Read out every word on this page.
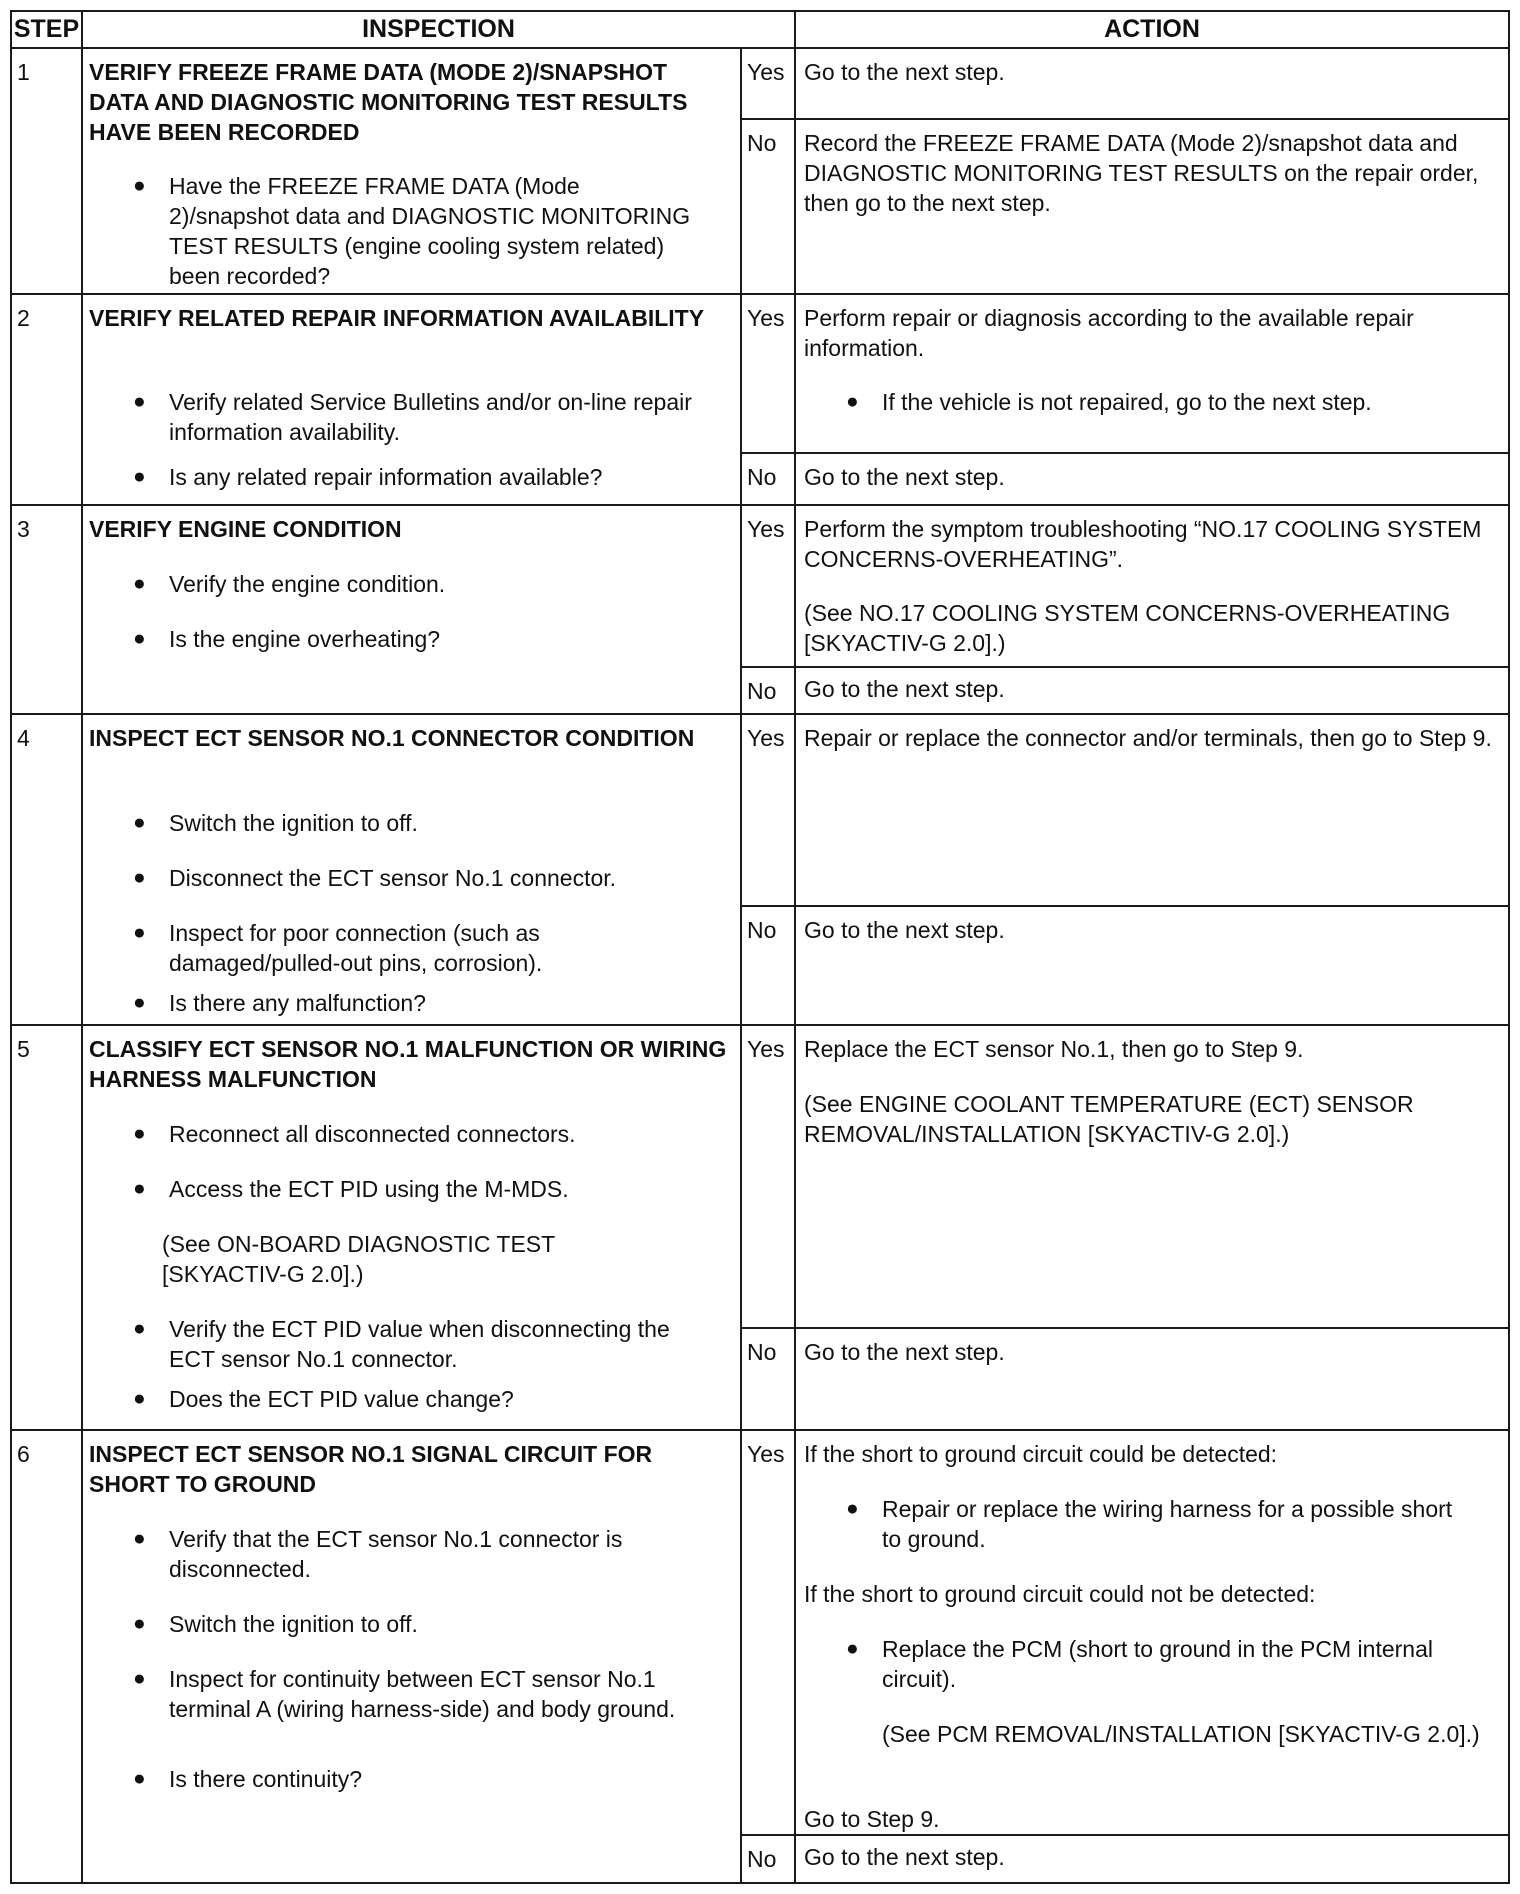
STEP	INSPECTION	ACTION
1	VERIFY FREEZE FRAME DATA (MODE 2)/SNAPSHOT DATA AND DIAGNOSTIC MONITORING TEST RESULTS HAVE BEEN RECORDED
●	Have the FREEZE FRAME DATA (Mode 2)/snapshot data and DIAGNOSTIC MONITORING TEST RESULTS (engine cooling system related) been recorded?
Yes Go to the next step.
No	Record the FREEZE FRAME DATA (Mode 2)/snapshot data and DIAGNOSTIC MONITORING TEST RESULTS on the repair order, then go to the next step.
2	VERIFY RELATED REPAIR INFORMATION AVAILABILITY
●	Verify related Service Bulletins and/or on-line repair information availability.
●	Is any related repair information available?
Yes Perform repair or diagnosis according to the available repair information.
●	If the vehicle is not repaired, go to the next step.
No	Go to the next step.
3	VERIFY ENGINE CONDITION
●	Verify the engine condition.
●	Is the engine overheating?
Yes Perform the symptom troubleshooting “NO.17 COOLING SYSTEM CONCERNS-OVERHEATING”.
(See NO.17 COOLING SYSTEM CONCERNS-OVERHEATING [SKYACTIV-G 2.0].)
No	Go to the next step.
4	INSPECT ECT SENSOR NO.1 CONNECTOR CONDITION
●	Switch the ignition to off.
●	Disconnect the ECT sensor No.1 connector.
●	Inspect for poor connection (such as damaged/pulled-out pins, corrosion).
●	Is there any malfunction?
Yes Repair or replace the connector and/or terminals, then go to Step 9.
No	Go to the next step.
5	CLASSIFY ECT SENSOR NO.1 MALFUNCTION OR WIRING HARNESS MALFUNCTION
●	Reconnect all disconnected connectors.
●	Access the ECT PID using the M-MDS.
(See ON-BOARD DIAGNOSTIC TEST [SKYACTIV-G 2.0].)
●	Verify the ECT PID value when disconnecting the ECT sensor No.1 connector.
●	Does the ECT PID value change?
Yes Replace the ECT sensor No.1, then go to Step 9.
(See ENGINE COOLANT TEMPERATURE (ECT) SENSOR REMOVAL/INSTALLATION [SKYACTIV-G 2.0].)
No	Go to the next step.
6	INSPECT ECT SENSOR NO.1 SIGNAL CIRCUIT FOR SHORT TO GROUND
●	Verify that the ECT sensor No.1 connector is disconnected.
●	Switch the ignition to off.
●	Inspect for continuity between ECT sensor No.1 terminal A (wiring harness-side) and body ground.
●	Is there continuity?
Yes If the short to ground circuit could be detected:
●	Repair or replace the wiring harness for a possible short to ground.
If the short to ground circuit could not be detected:
●	Replace the PCM (short to ground in the PCM internal circuit).
(See PCM REMOVAL/INSTALLATION [SKYACTIV-G 2.0].)
Go to Step 9.
No	Go to the next step.
